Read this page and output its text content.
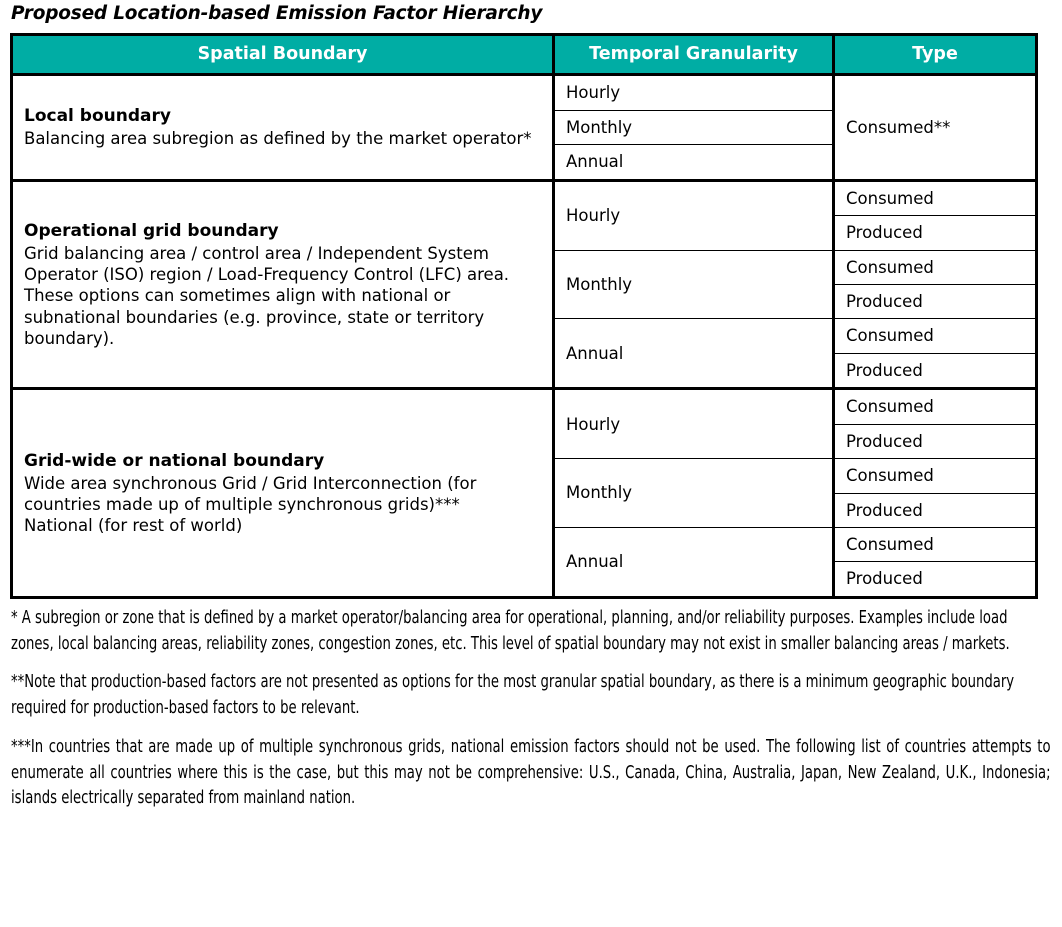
Proposed Location-based Emission Factor Hierarchy
Spatial Boundary	Temporal Granularity	Type

Local boundary
Balancing area subregion as defined by the market operator*	Hourly	Consumed**
	Monthly	
	Annual	

Operational grid boundary
Grid balancing area / control area / Independent System Operator (ISO) region / Load-Frequency Control (LFC) area.
These options can sometimes align with national or subnational boundaries (e.g. province, state or territory boundary).	Hourly	Consumed
		Produced
	Monthly	Consumed
		Produced
	Annual	Consumed
		Produced

Grid-wide or national boundary
Wide area synchronous Grid / Grid Interconnection (for countries made up of multiple synchronous grids)***
National (for rest of world)	Hourly	Consumed
		Produced
	Monthly	Consumed
		Produced
	Annual	Consumed
		Produced

* A subregion or zone that is defined by a market operator/balancing area for operational, planning, and/or reliability purposes. Examples include load zones, local balancing areas, reliability zones, congestion zones, etc. This level of spatial boundary may not exist in smaller balancing areas / markets.

**Note that production-based factors are not presented as options for the most granular spatial boundary, as there is a minimum geographic boundary required for production-based factors to be relevant.

***In countries that are made up of multiple synchronous grids, national emission factors should not be used. The following list of countries attempts to enumerate all countries where this is the case, but this may not be comprehensive: U.S., Canada, China, Australia, Japan, New Zealand, U.K., Indonesia; islands electrically separated from mainland nation.
